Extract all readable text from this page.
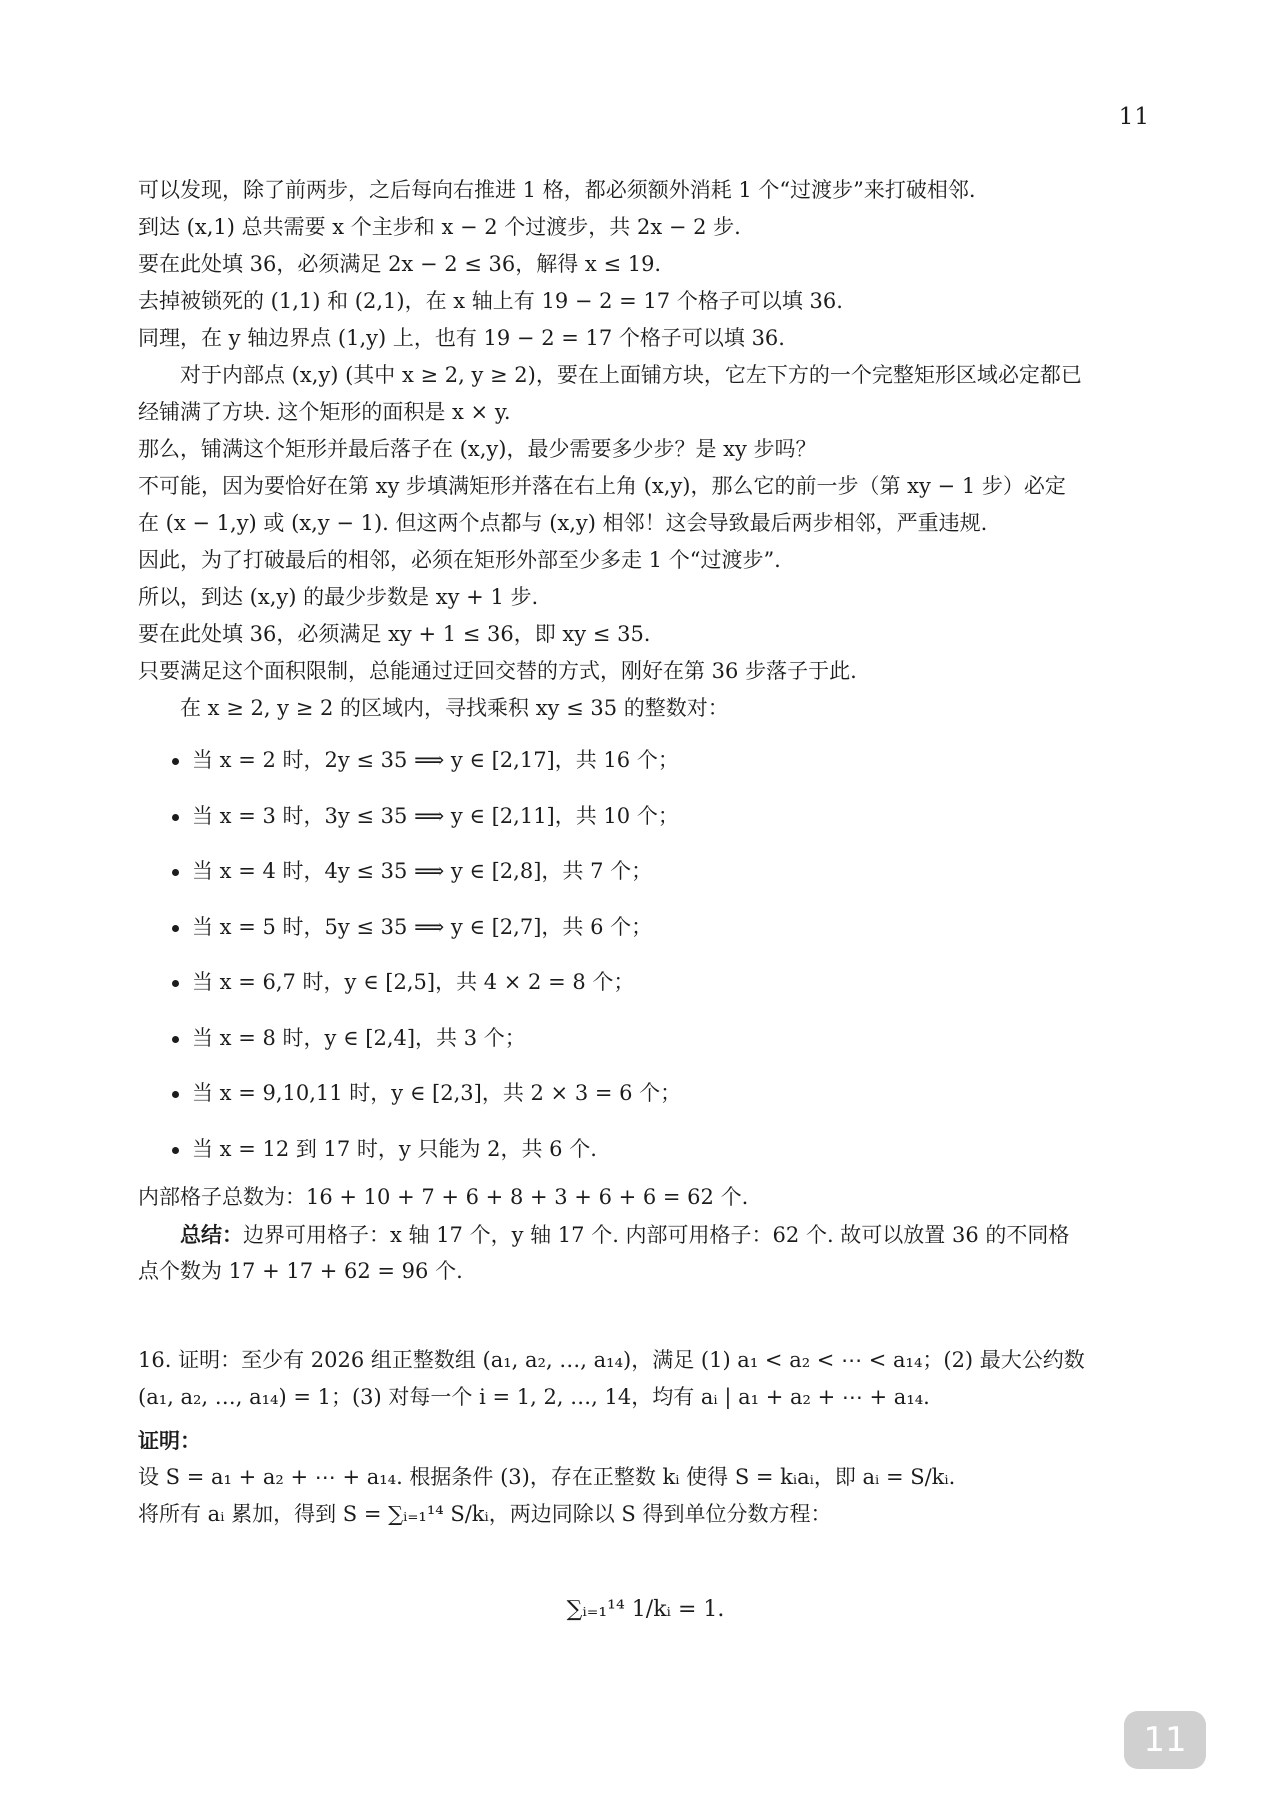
11
可以发现，除了前两步，之后每向右推进 1 格，都必须额外消耗 1 个“过渡步”来打破相邻.
到达 (x,1) 总共需要 x 个主步和 x − 2 个过渡步，共 2x − 2 步.
要在此处填 36，必须满足 2x − 2 ≤ 36，解得 x ≤ 19.
去掉被锁死的 (1,1) 和 (2,1)，在 x 轴上有 19 − 2 = 17 个格子可以填 36.
同理，在 y 轴边界点 (1,y) 上，也有 19 − 2 = 17 个格子可以填 36.
对于内部点 (x,y) (其中 x ≥ 2, y ≥ 2)，要在上面铺方块，它左下方的一个完整矩形区域必定都已
经铺满了方块. 这个矩形的面积是 x × y.
那么，铺满这个矩形并最后落子在 (x,y)，最少需要多少步？是 xy 步吗？
不可能，因为要恰好在第 xy 步填满矩形并落在右上角 (x,y)，那么它的前一步（第 xy − 1 步）必定
在 (x − 1,y) 或 (x,y − 1). 但这两个点都与 (x,y) 相邻！这会导致最后两步相邻，严重违规.
因此，为了打破最后的相邻，必须在矩形外部至少多走 1 个“过渡步”.
所以，到达 (x,y) 的最少步数是 xy + 1 步.
要在此处填 36，必须满足 xy + 1 ≤ 36，即 xy ≤ 35.
只要满足这个面积限制，总能通过迂回交替的方式，刚好在第 36 步落子于此.
在 x ≥ 2, y ≥ 2 的区域内，寻找乘积 xy ≤ 35 的整数对：
当 x = 2 时，2y ≤ 35 ⟹ y ∈ [2,17]，共 16 个；
当 x = 3 时，3y ≤ 35 ⟹ y ∈ [2,11]，共 10 个；
当 x = 4 时，4y ≤ 35 ⟹ y ∈ [2,8]，共 7 个；
当 x = 5 时，5y ≤ 35 ⟹ y ∈ [2,7]，共 6 个；
当 x = 6,7 时，y ∈ [2,5]，共 4 × 2 = 8 个；
当 x = 8 时，y ∈ [2,4]，共 3 个；
当 x = 9,10,11 时，y ∈ [2,3]，共 2 × 3 = 6 个；
当 x = 12 到 17 时，y 只能为 2，共 6 个.
内部格子总数为：16 + 10 + 7 + 6 + 8 + 3 + 6 + 6 = 62 个.
总结：边界可用格子：x 轴 17 个，y 轴 17 个. 内部可用格子：62 个. 故可以放置 36 的不同格
点个数为 17 + 17 + 62 = 96 个.
16. 证明：至少有 2026 组正整数组 (a₁, a₂, …, a₁₄)，满足 (1) a₁ < a₂ < ⋯ < a₁₄；(2) 最大公约数
(a₁, a₂, …, a₁₄) = 1；(3) 对每一个 i = 1, 2, …, 14，均有 aᵢ | a₁ + a₂ + ⋯ + a₁₄.
证明：
设 S = a₁ + a₂ + ⋯ + a₁₄. 根据条件 (3)，存在正整数 kᵢ 使得 S = kᵢaᵢ，即 aᵢ = S/kᵢ.
将所有 aᵢ 累加，得到 S = ∑ᵢ₌₁¹⁴ S/kᵢ，两边同除以 S 得到单位分数方程：
∑ᵢ₌₁¹⁴ 1/kᵢ = 1.
11
